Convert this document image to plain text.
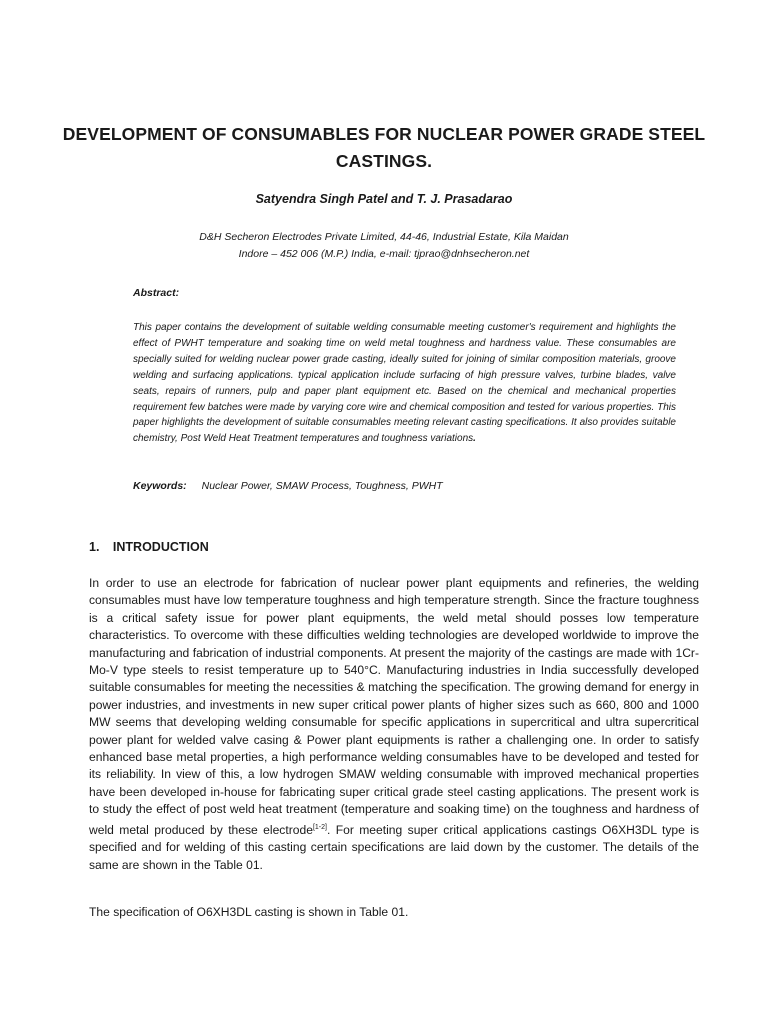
DEVELOPMENT OF CONSUMABLES FOR NUCLEAR POWER GRADE STEEL
CASTINGS.
Satyendra Singh Patel and T. J. Prasadarao
D&H Secheron Electrodes Private Limited, 44-46, Industrial Estate, Kila Maidan
Indore – 452 006 (M.P.) India, e-mail: tjprao@dnhsecheron.net
Abstract:

This paper contains the development of suitable welding consumable meeting customer's requirement and highlights the effect of PWHT temperature and soaking time on weld metal toughness and hardness value. These consumables are specially suited for welding nuclear power grade casting, ideally suited for joining of similar composition materials, groove welding and surfacing applications. typical application include surfacing of high pressure valves, turbine blades, valve seats, repairs of runners, pulp and paper plant equipment etc. Based on the chemical and mechanical properties requirement few batches were made by varying core wire and chemical composition and tested for various properties. This paper highlights the development of suitable consumables meeting relevant casting specifications. It also provides suitable chemistry, Post Weld Heat Treatment temperatures and toughness variations.

Keywords: Nuclear Power, SMAW Process, Toughness, PWHT
1. INTRODUCTION

In order to use an electrode for fabrication of nuclear power plant equipments and refineries, the welding consumables must have low temperature toughness and high temperature strength. Since the fracture toughness is a critical safety issue for power plant equipments, the weld metal should posses low temperature characteristics. To overcome with these difficulties welding technologies are developed worldwide to improve the manufacturing and fabrication of industrial components. At present the majority of the castings are made with 1Cr-Mo-V type steels to resist temperature up to 540°C. Manufacturing industries in India successfully developed suitable consumables for meeting the necessities & matching the specification. The growing demand for energy in power industries, and investments in new super critical power plants of higher sizes such as 660, 800 and 1000 MW seems that developing welding consumable for specific applications in supercritical and ultra supercritical power plant for welded valve casing & Power plant equipments is rather a challenging one. In order to satisfy enhanced base metal properties, a high performance welding consumables have to be developed and tested for its reliability. In view of this, a low hydrogen SMAW welding consumable with improved mechanical properties have been developed in-house for fabricating super critical grade steel casting applications. The present work is to study the effect of post weld heat treatment (temperature and soaking time) on the toughness and hardness of weld metal produced by these electrode[1-2]. For meeting super critical applications castings O6XH3DL type is specified and for welding of this casting certain specifications are laid down by the customer. The details of the same are shown in the Table 01.

The specification of O6XH3DL casting is shown in Table 01.
